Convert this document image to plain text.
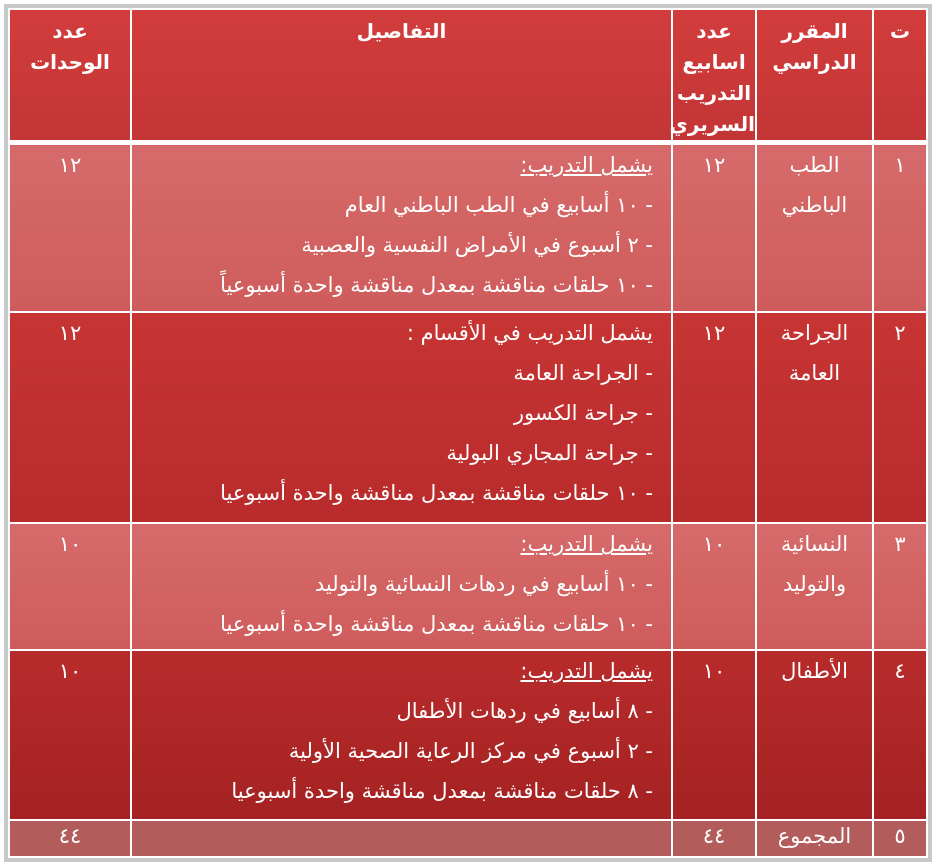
ت	المقرر
الدراسي	عدد
اسابيع
التدريب
السريري	التفاصيل	عدد
الوحدات

١	الطب
الباطني	١٢	يشمل التدريب:
- ١٠ أسابيع في الطب الباطني العام
- ٢ أسبوع في الأمراض النفسية والعصبية
- ١٠ حلقات مناقشة بمعدل مناقشة واحدة أسبوعياً	١٢
٢	الجراحة
العامة	١٢	يشمل التدريب في الأقسام :
- الجراحة العامة
- جراحة الكسور
- جراحة المجاري البولية
- ١٠ حلقات مناقشة بمعدل مناقشة واحدة أسبوعيا	١٢
٣	النسائية
والتوليد	١٠	يشمل التدريب:
- ١٠ أسابيع في ردهات النسائية والتوليد
- ١٠ حلقات مناقشة بمعدل مناقشة واحدة أسبوعيا	١٠
٤	الأطفال	١٠	يشمل التدريب:
- ٨ أسابيع في ردهات الأطفال
- ٢ أسبوع في مركز الرعاية الصحية الأولية
- ٨ حلقات مناقشة بمعدل مناقشة واحدة أسبوعيا	١٠
٥	المجموع	٤٤		٤٤
